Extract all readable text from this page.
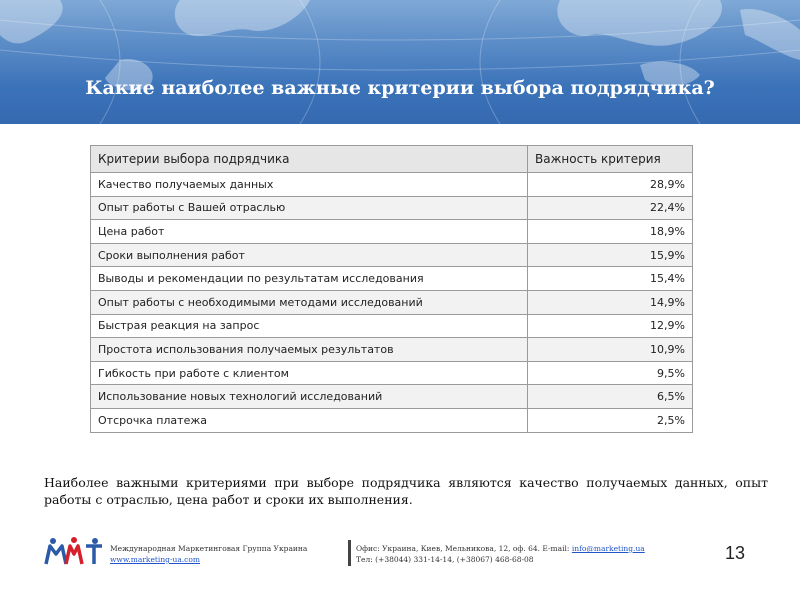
Какие наиболее важные критерии выбора подрядчика?
Критерии выбора подрядчика	Важность критерия
Качество получаемых данных	28,9%
Опыт работы с Вашей отраслью	22,4%
Цена работ	18,9%
Сроки выполнения работ	15,9%
Выводы и рекомендации по результатам исследования	15,4%
Опыт работы с необходимыми методами исследований	14,9%
Быстрая реакция на запрос	12,9%
Простота использования получаемых результатов	10,9%
Гибкость при работе с клиентом	9,5%
Использование новых технологий исследований	6,5%
Отсрочка платежа	2,5%
Наиболее важными критериями при выборе подрядчика являются качество получаемых данных, опыт работы с отраслью, цена работ и сроки их выполнения.
Международная Маркетинговая Группа Украина
www.marketing-ua.com
Офис: Украина, Киев, Мельникова, 12, оф. 64. E-mail: info@marketing.ua
Тел: (+38044) 331-14-14, (+38067) 468-68-08	13
